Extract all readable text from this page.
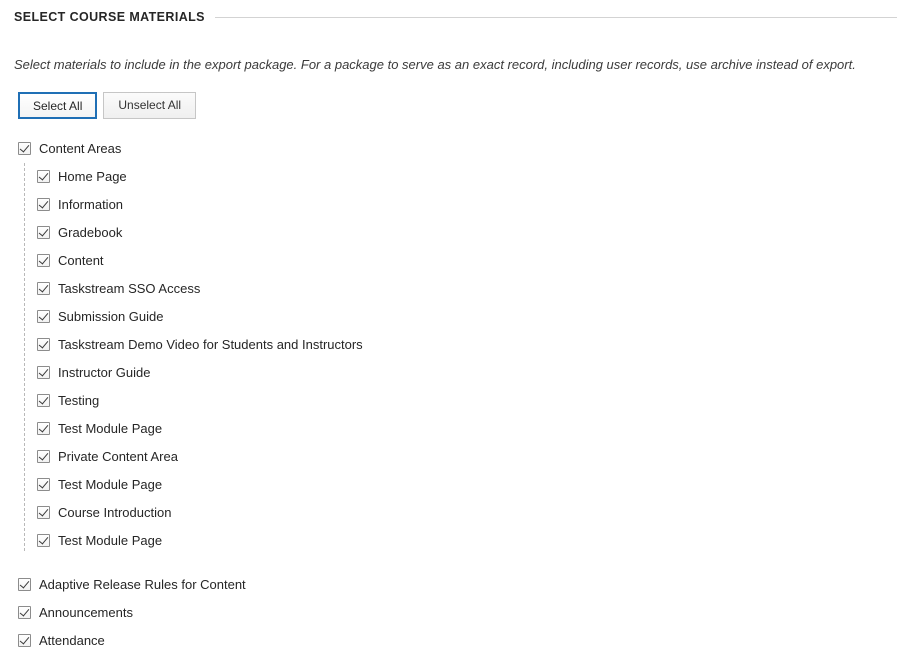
SELECT COURSE MATERIALS
Select materials to include in the export package. For a package to serve as an exact record, including user records, use archive instead of export.
Select All	Unselect All
Content Areas
Home Page
Information
Gradebook
Content
Taskstream SSO Access
Submission Guide
Taskstream Demo Video for Students and Instructors
Instructor Guide
Testing
Test Module Page
Private Content Area
Test Module Page
Course Introduction
Test Module Page
Adaptive Release Rules for Content
Announcements
Attendance
